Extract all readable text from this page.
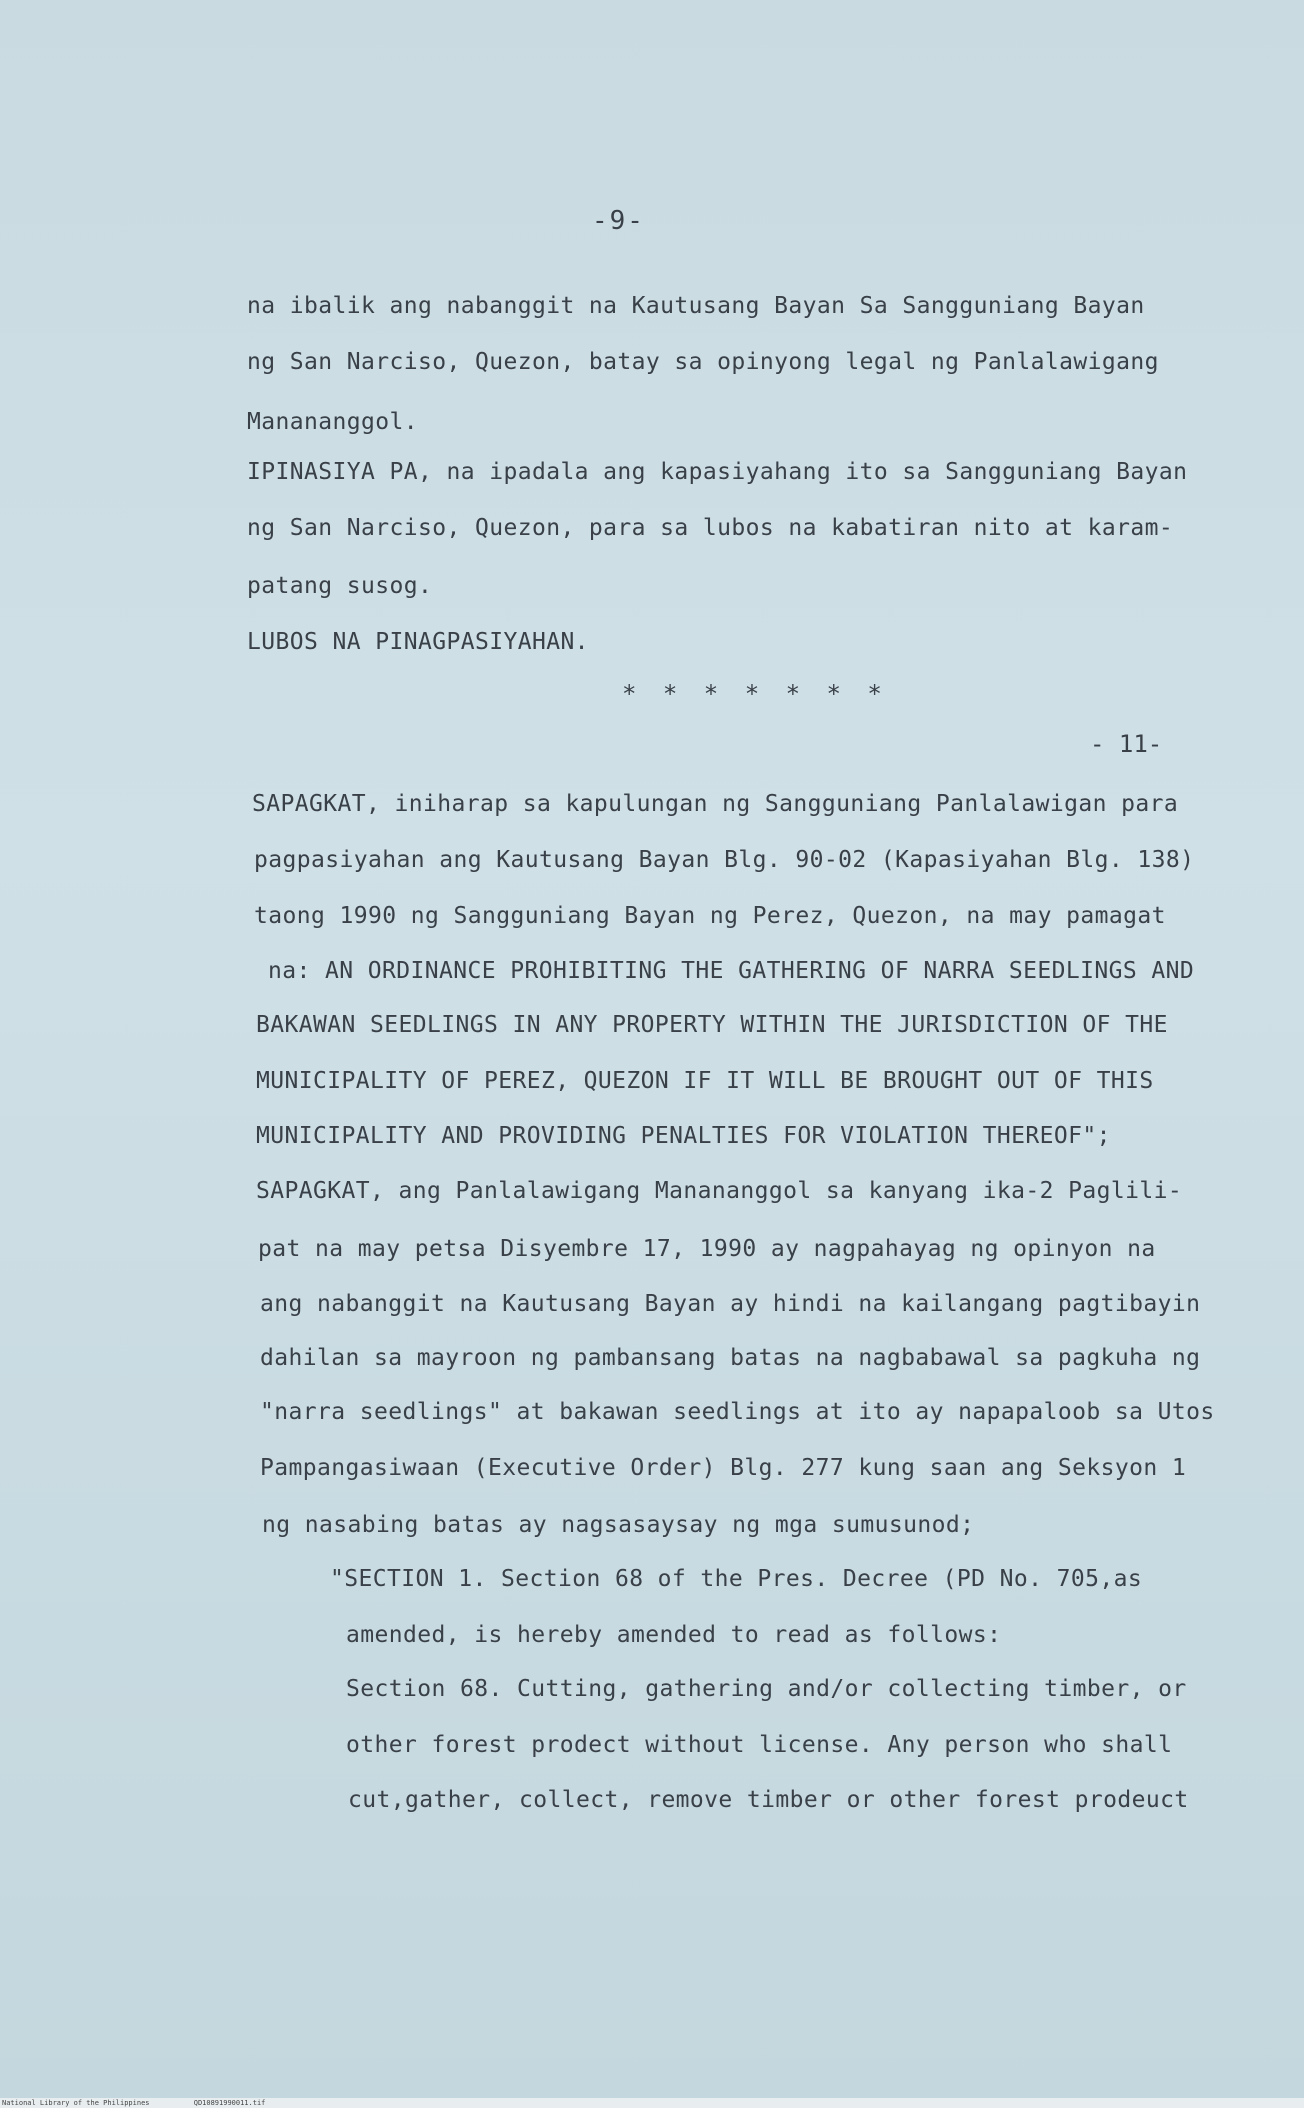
-9-
na ibalik ang nabanggit na Kautusang Bayan Sa Sangguniang Bayan
ng San Narciso, Quezon, batay sa opinyong legal ng Panlalawigang
Manananggol.
IPINASIYA PA, na ipadala ang kapasiyahang ito sa Sangguniang Bayan
ng San Narciso, Quezon, para sa lubos na kabatiran nito at karam-
patang susog.
LUBOS NA PINAGPASIYAHAN.
* * * * * * *
- 11-
SAPAGKAT, iniharap sa kapulungan ng Sangguniang Panlalawigan para
pagpasiyahan ang Kautusang Bayan Blg. 90-02 (Kapasiyahan Blg. 138)
taong 1990 ng Sangguniang Bayan ng Perez, Quezon, na may pamagat
na: AN ORDINANCE PROHIBITING THE GATHERING OF NARRA SEEDLINGS AND
BAKAWAN SEEDLINGS IN ANY PROPERTY WITHIN THE JURISDICTION OF THE
MUNICIPALITY OF PEREZ, QUEZON IF IT WILL BE BROUGHT OUT OF THIS
MUNICIPALITY AND PROVIDING PENALTIES FOR VIOLATION THEREOF";
SAPAGKAT, ang Panlalawigang Manananggol sa kanyang ika-2 Paglili-
pat na may petsa Disyembre 17, 1990 ay nagpahayag ng opinyon na
ang nabanggit na Kautusang Bayan ay hindi na kailangang pagtibayin
dahilan sa mayroon ng pambansang batas na nagbabawal sa pagkuha ng
"narra seedlings" at bakawan seedlings at ito ay napapaloob sa Utos
Pampangasiwaan (Executive Order) Blg. 277 kung saan ang Seksyon 1
ng nasabing batas ay nagsasaysay ng mga sumusunod;
"SECTION 1. Section 68 of the Pres. Decree (PD No. 705,as
amended, is hereby amended to read as follows:
Section 68. Cutting, gathering and/or collecting timber, or
other forest prodect without license. Any person who shall
cut,gather, collect, remove timber or other forest prodeuct
National Library of the Philippines	QD10891990011.tif
